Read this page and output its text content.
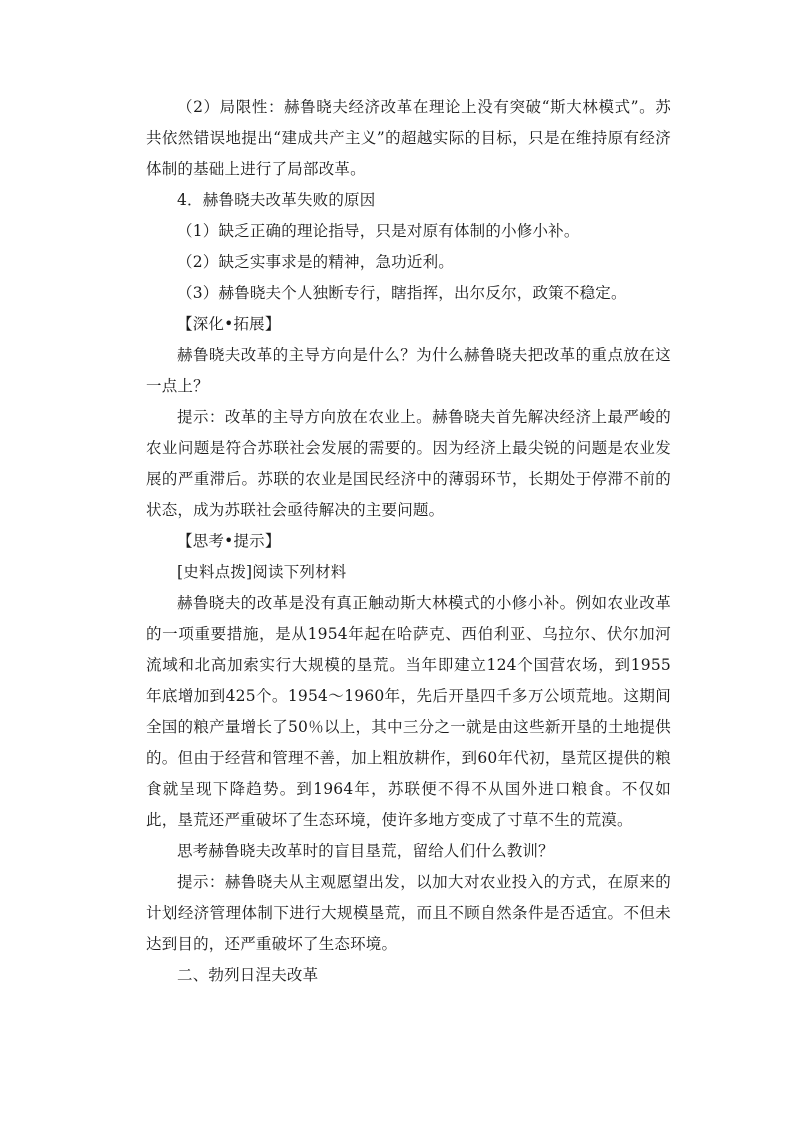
（2）局限性：赫鲁晓夫经济改革在理论上没有突破“斯大林模式”。苏共依然错误地提出“建成共产主义”的超越实际的目标，只是在维持原有经济体制的基础上进行了局部改革。

4．赫鲁晓夫改革失败的原因

（1）缺乏正确的理论指导，只是对原有体制的小修小补。

（2）缺乏实事求是的精神，急功近利。

（3）赫鲁晓夫个人独断专行，瞎指挥，出尔反尔，政策不稳定。

【深化•拓展】

赫鲁晓夫改革的主导方向是什么？为什么赫鲁晓夫把改革的重点放在这一点上？

提示：改革的主导方向放在农业上。赫鲁晓夫首先解决经济上最严峻的农业问题是符合苏联社会发展的需要的。因为经济上最尖锐的问题是农业发展的严重滞后。苏联的农业是国民经济中的薄弱环节，长期处于停滞不前的状态，成为苏联社会亟待解决的主要问题。

【思考•提示】

[史料点拨]阅读下列材料

赫鲁晓夫的改革是没有真正触动斯大林模式的小修小补。例如农业改革的一项重要措施，是从1954年起在哈萨克、西伯利亚、乌拉尔、伏尔加河流域和北高加索实行大规模的垦荒。当年即建立124个国营农场，到1955年底增加到425个。1954～1960年，先后开垦四千多万公顷荒地。这期间全国的粮产量增长了50％以上，其中三分之一就是由这些新开垦的土地提供的。但由于经营和管理不善，加上粗放耕作，到60年代初，垦荒区提供的粮食就呈现下降趋势。到1964年，苏联便不得不从国外进口粮食。不仅如此，垦荒还严重破坏了生态环境，使许多地方变成了寸草不生的荒漠。

思考赫鲁晓夫改革时的盲目垦荒，留给人们什么教训？

提示：赫鲁晓夫从主观愿望出发，以加大对农业投入的方式，在原来的计划经济管理体制下进行大规模垦荒，而且不顾自然条件是否适宜。不但未达到目的，还严重破坏了生态环境。

二、勃列日涅夫改革
